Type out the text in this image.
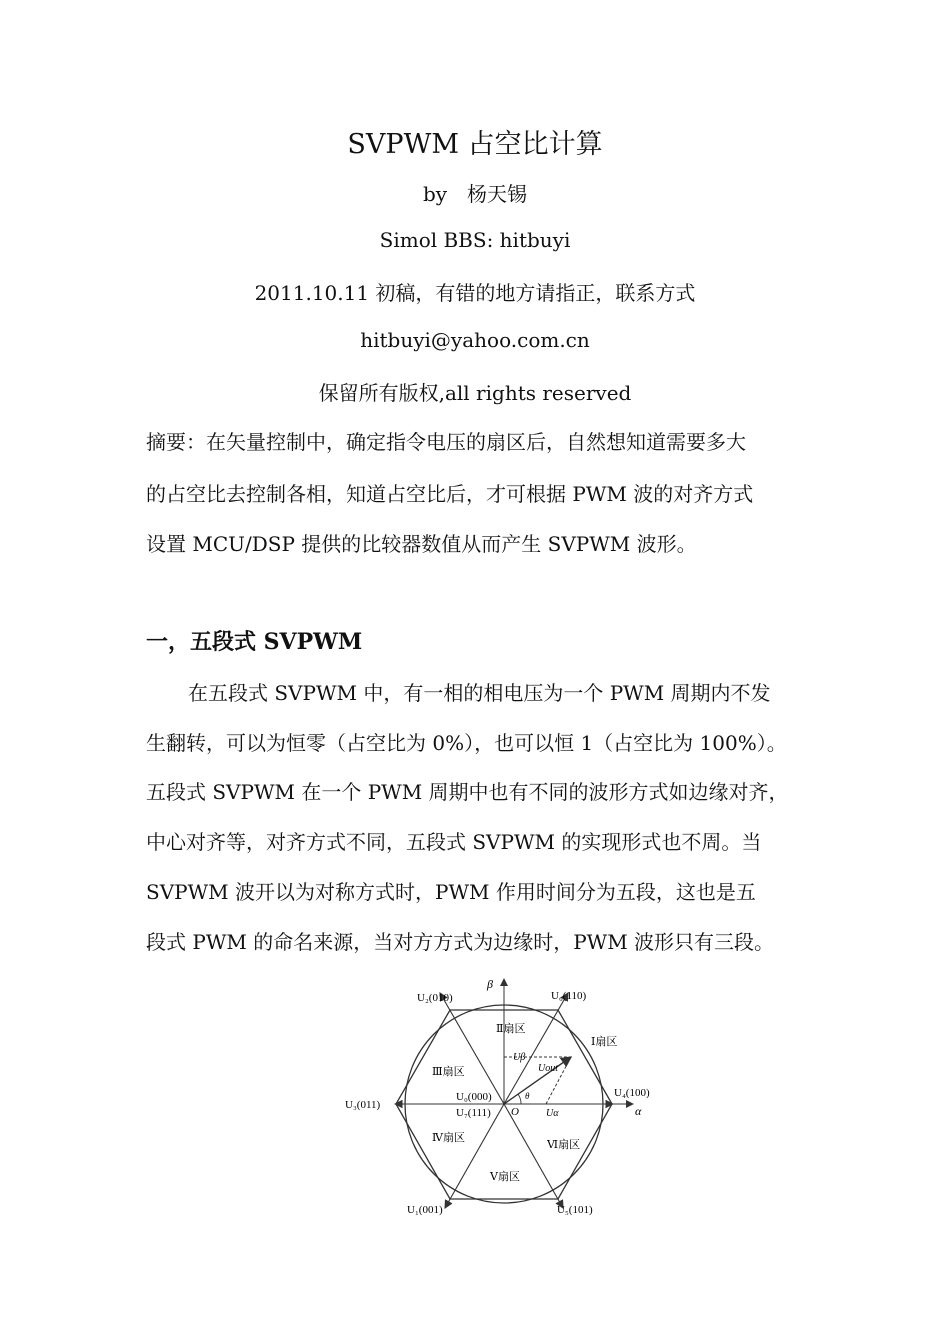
SVPWM 占空比计算
by　杨天锡
Simol BBS: hitbuyi
2011.10.11 初稿，有错的地方请指正，联系方式
hitbuyi@yahoo.com.cn
保留所有版权,all rights reserved
摘要：在矢量控制中，确定指令电压的扇区后，自然想知道需要多大
的占空比去控制各相，知道占空比后，才可根据 PWM 波的对齐方式
设置 MCU/DSP 提供的比较器数值从而产生 SVPWM 波形。
一，五段式 SVPWM
在五段式 SVPWM 中，有一相的相电压为一个 PWM 周期内不发
生翻转，可以为恒零（占空比为 0%），也可以恒 1（占空比为 100%）。
五段式 SVPWM 在一个 PWM 周期中也有不同的波形方式如边缘对齐，
中心对齐等，对齐方式不同，五段式 SVPWM 的实现形式也不周。当
SVPWM 波开以为对称方式时，PWM 作用时间分为五段，这也是五
段式 PWM 的命名来源，当对方方式为边缘时，PWM 波形只有三段。
β
α
O
θ
U₂(010)	U₆(110)
U₄(100)
U₃(011)
U₁(001)	U₅(101)
U₀(000)
U₇(111)
Ⅰ扇区
Ⅱ扇区
Ⅲ扇区
Ⅳ扇区
Ⅴ扇区
Ⅵ扇区
Uβ
Uout
Uα
